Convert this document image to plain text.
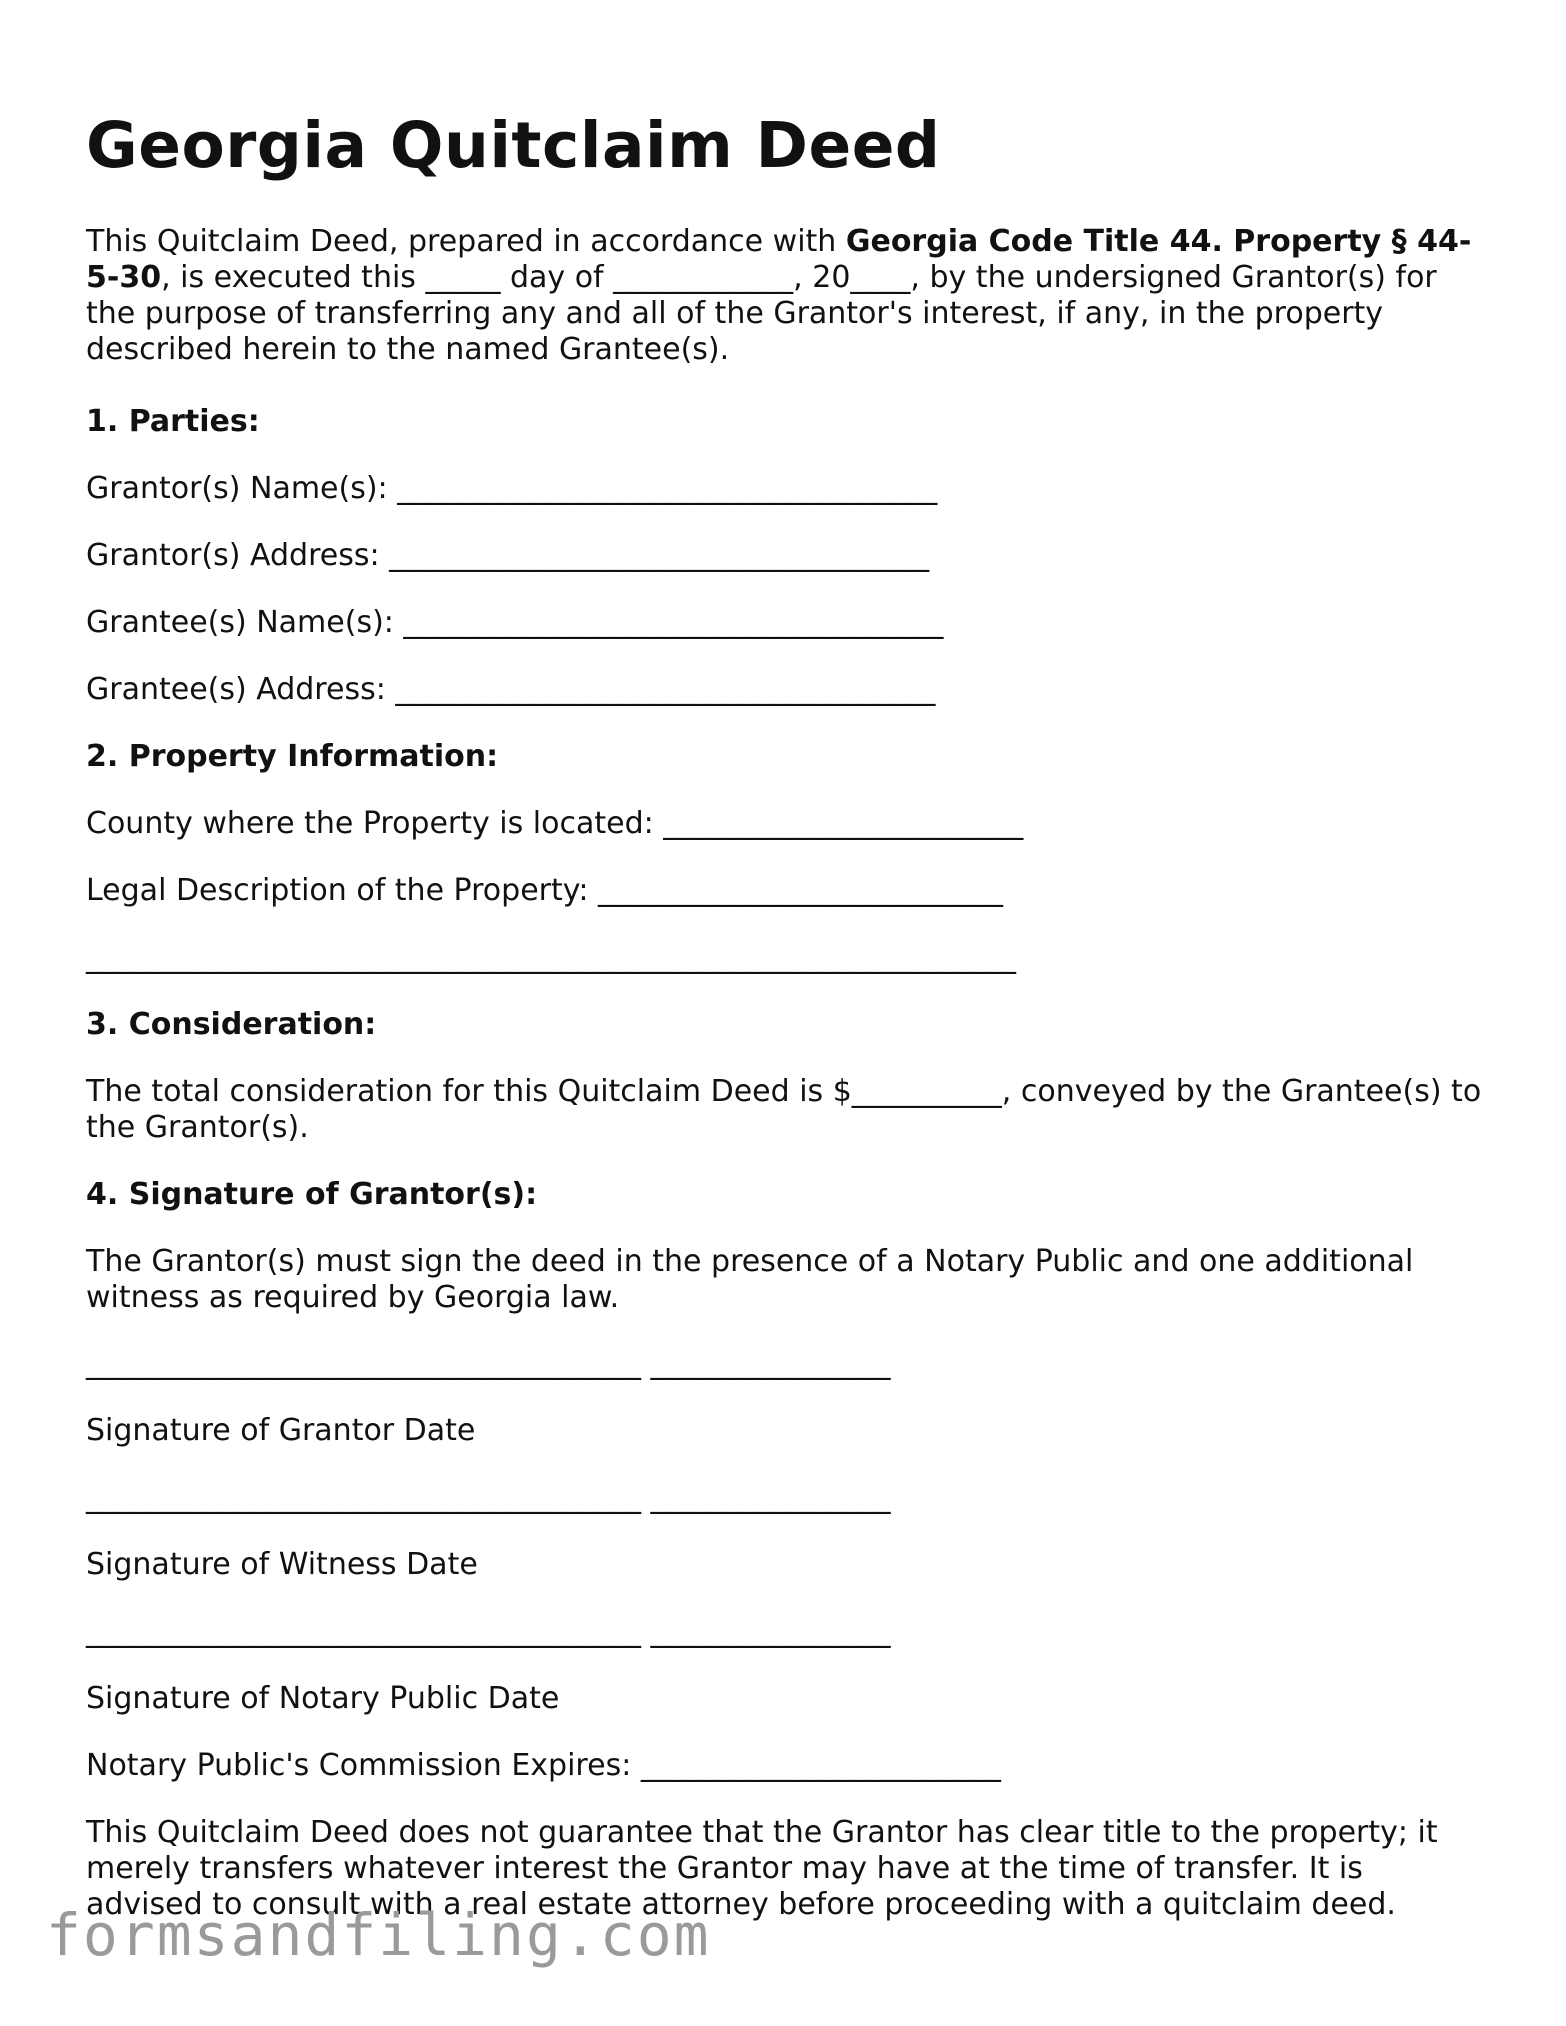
Georgia Quitclaim Deed

This Quitclaim Deed, prepared in accordance with Georgia Code Title 44. Property § 44-5-30, is executed this _____ day of ____________, 20____, by the undersigned Grantor(s) for the purpose of transferring any and all of the Grantor's interest, if any, in the property described herein to the named Grantee(s).

1. Parties:
Grantor(s) Name(s): ____________________________________
Grantor(s) Address: ____________________________________
Grantee(s) Name(s): ____________________________________
Grantee(s) Address: ____________________________________
2. Property Information:
County where the Property is located: ________________________
Legal Description of the Property: ___________________________
______________________________________________________________
3. Consideration:

The total consideration for this Quitclaim Deed is $__________, conveyed by the Grantee(s) to the Grantor(s).

4. Signature of Grantor(s):

The Grantor(s) must sign the deed in the presence of a Notary Public and one additional witness as required by Georgia law.

_____________________________________ ________________
Signature of Grantor Date
_____________________________________ ________________
Signature of Witness Date
_____________________________________ ________________
Signature of Notary Public Date
Notary Public's Commission Expires: ________________________

This Quitclaim Deed does not guarantee that the Grantor has clear title to the property; it merely transfers whatever interest the Grantor may have at the time of transfer. It is advised to consult with a real estate attorney before proceeding with a quitclaim deed.

formsandfiling.com
